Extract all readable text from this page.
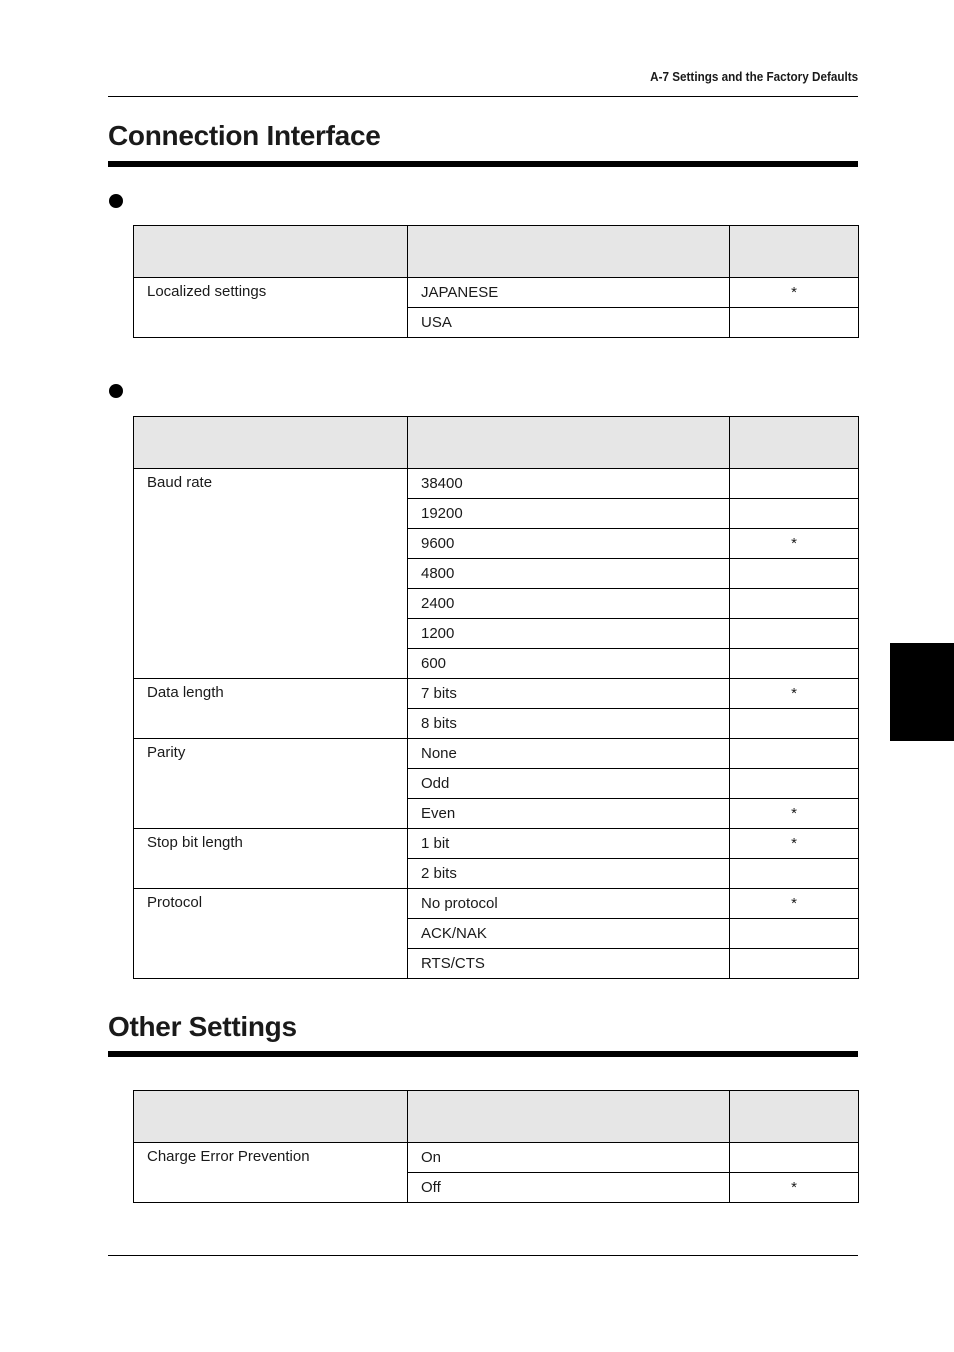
A-7 Settings and the Factory Defaults
Connection Interface

Localized settings	JAPANESE	*
	USA	

Baud rate	38400	
	19200	
	9600	*
	4800	
	2400	
	1200	
	600	
Data length	7 bits	*
	8 bits	
Parity	None	
	Odd	
	Even	*
Stop bit length	1 bit	*
	2 bits	
Protocol	No protocol	*
	ACK/NAK	
	RTS/CTS	
Other Settings

Charge Error Prevention	On	
	Off	*
